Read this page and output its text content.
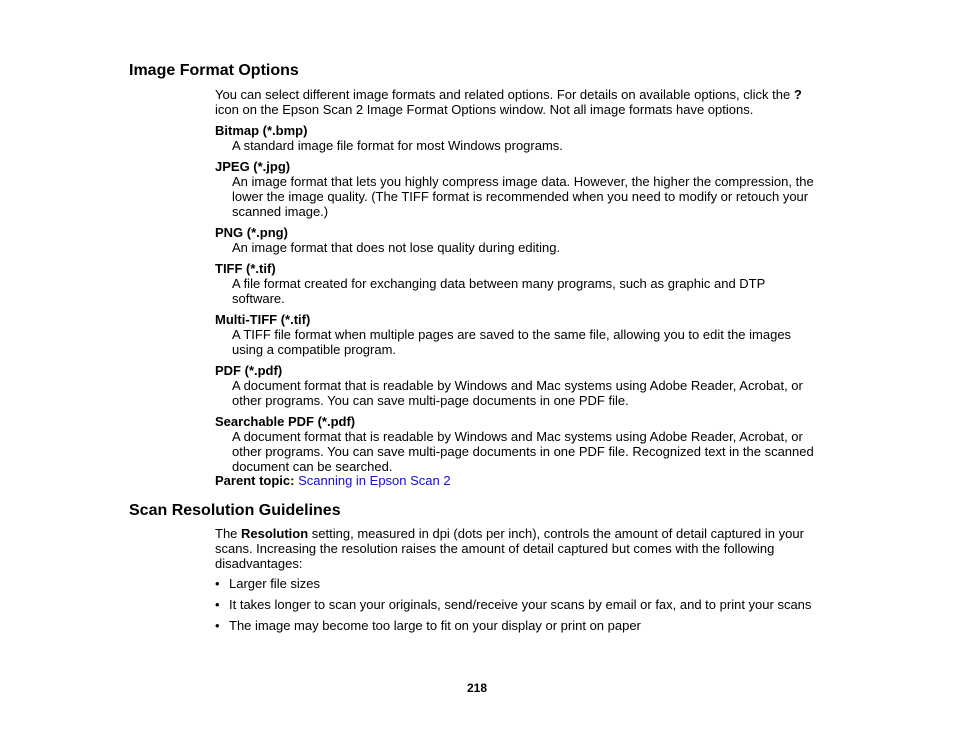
Image Format Options
You can select different image formats and related options. For details on available options, click the ?
icon on the Epson Scan 2 Image Format Options window. Not all image formats have options.
Bitmap (*.bmp)
A standard image file format for most Windows programs.
JPEG (*.jpg)
An image format that lets you highly compress image data. However, the higher the compression, the lower the image quality. (The TIFF format is recommended when you need to modify or retouch your scanned image.)
PNG (*.png)
An image format that does not lose quality during editing.
TIFF (*.tif)
A file format created for exchanging data between many programs, such as graphic and DTP software.
Multi-TIFF (*.tif)
A TIFF file format when multiple pages are saved to the same file, allowing you to edit the images using a compatible program.
PDF (*.pdf)
A document format that is readable by Windows and Mac systems using Adobe Reader, Acrobat, or other programs. You can save multi-page documents in one PDF file.
Searchable PDF (*.pdf)
A document format that is readable by Windows and Mac systems using Adobe Reader, Acrobat, or other programs. You can save multi-page documents in one PDF file. Recognized text in the scanned document can be searched.
Parent topic: Scanning in Epson Scan 2
Scan Resolution Guidelines
The Resolution setting, measured in dpi (dots per inch), controls the amount of detail captured in your scans. Increasing the resolution raises the amount of detail captured but comes with the following disadvantages:
• Larger file sizes
• It takes longer to scan your originals, send/receive your scans by email or fax, and to print your scans
• The image may become too large to fit on your display or print on paper
218
